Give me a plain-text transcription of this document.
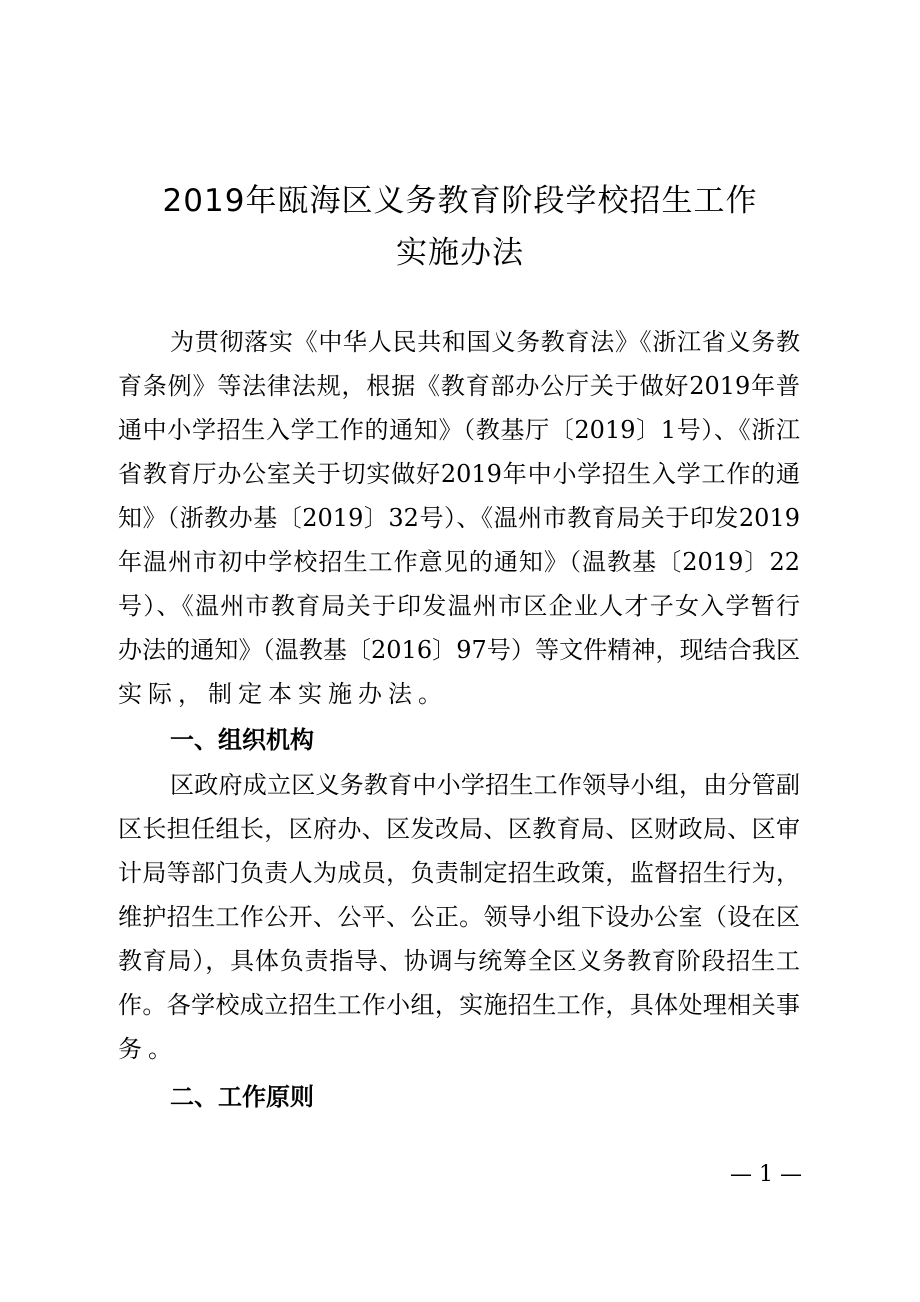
2019年瓯海区义务教育阶段学校招生工作
实施办法
为贯彻落实《中华人民共和国义务教育法》《浙江省义务教
育条例》等法律法规，根据《教育部办公厅关于做好2019年普
通中小学招生入学工作的通知》（教基厅〔2019〕1号）、《浙江
省教育厅办公室关于切实做好2019年中小学招生入学工作的通
知》（浙教办基〔2019〕32号）、《温州市教育局关于印发2019
年温州市初中学校招生工作意见的通知》（温教基〔2019〕22
号）、《温州市教育局关于印发温州市区企业人才子女入学暂行
办法的通知》（温教基〔2016〕97号）等文件精神，现结合我区
实际，制定本实施办法。
一、组织机构
区政府成立区义务教育中小学招生工作领导小组，由分管副
区长担任组长，区府办、区发改局、区教育局、区财政局、区审
计局等部门负责人为成员，负责制定招生政策，监督招生行为，
维护招生工作公开、公平、公正。领导小组下设办公室（设在区
教育局），具体负责指导、协调与统筹全区义务教育阶段招生工
作。各学校成立招生工作小组，实施招生工作，具体处理相关事
务。
二、工作原则
— 1 —
